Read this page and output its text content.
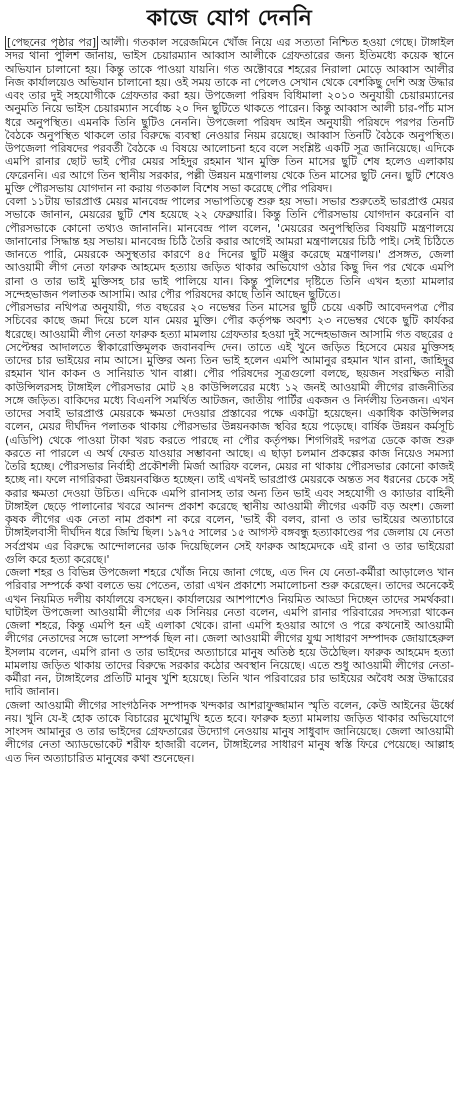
কাজে যোগ দেননি

[পেছনের পৃষ্ঠার পর] আলী। গতকাল সরেজমিনে খোঁজ নিয়ে এর সত্যতা নিশ্চিত হওয়া গেছে। টাঙ্গাইল সদর থানা পুলিশ জানায়, ভাইস চেয়ারম্যান আব্বাস আলীকে গ্রেফতারের জন্য ইতিমধ্যে কয়েক স্থানে অভিযান চালানো হয়। কিন্তু তাকে পাওয়া যায়নি। গত অক্টোবরে শহরের নিরালা মোড়ে আব্বাস আলীর নিজ কার্যালয়েও অভিযান চালানো হয়। ওই সময় তাকে না পেলেও সেখান থেকে বেশকিছু দেশি অস্ত্র উদ্ধার এবং তার দুই সহযোগীকে গ্রেফতার করা হয়। উপজেলা পরিষদ বিধিমালা ২০১০ অনুযায়ী চেয়ারম্যানের অনুমতি নিয়ে ভাইস চেয়ারম্যান সর্বোচ্চ ২০ দিন ছুটিতে থাকতে পারেন। কিন্তু আব্বাস আলী চার-পাঁচ মাস ধরে অনুপস্থিত। এমনকি তিনি ছুটিও নেননি। উপজেলা পরিষদ আইন অনুযায়ী পরিষদে পরপর তিনটি বৈঠকে অনুপস্থিত থাকলে তার বিরুদ্ধে ব্যবস্থা নেওয়ার নিয়ম রয়েছে। আব্বাস তিনটি বৈঠকে অনুপস্থিত। উপজেলা পরিষদের পরবর্তী বৈঠকে এ বিষয়ে আলোচনা হবে বলে সংশ্লিষ্ট একটি সূত্র জানিয়েছে। এদিকে এমপি রানার ছোট ভাই পৌর মেয়র সহিদুর রহমান খান মুক্তি তিন মাসের ছুটি শেষ হলেও এলাকায় ফেরেননি। এর আগে তিন স্থানীয় সরকার, পল্লী উন্নয়ন মন্ত্রণালয় থেকে তিন মাসের ছুটি নেন। ছুটি শেষেও মুক্তি পৌরসভায় যোগদান না করায় গতকাল বিশেষ সভা করেছে পৌর পরিষদ।

বেলা ১১টায় ভারপ্রাপ্ত মেয়র মানবেন্দ্র পালের সভাপতিত্বে শুরু হয় সভা। সভার শুরুতেই ভারপ্রাপ্ত মেয়র সভাকে জানান, মেয়রের ছুটি শেষ হয়েছে ২২ ফেব্রুয়ারি। কিন্তু তিনি পৌরসভায় যোগদান করেননি বা পৌরসভাকে কোনো তথ্যও জানাননি। মানবেন্দ্র পাল বলেন, 'মেয়রের অনুপস্থিতির বিষয়টি মন্ত্রণালয়ে জানানোর সিদ্ধান্ত হয় সভায়। মানবেন্দ্র চিঠি তৈরি করার আগেই আমরা মন্ত্রণালয়ের চিঠি পাই। সেই চিঠিতে জানতে পারি, মেয়রকে অসুস্থতার কারণে ৪৫ দিনের ছুটি মঞ্জুর করেছে মন্ত্রণালয়।' প্রসঙ্গত, জেলা আওয়ামী লীগ নেতা ফারুক আহমেদ হত্যায় জড়িত থাকার অভিযোগ ওঠার কিছু দিন পর থেকে এমপি রানা ও তার ভাই মুক্তিসহ চার ভাই পালিয়ে যান। কিন্তু পুলিশের দৃষ্টিতে তিনি এখন হত্যা মামলার সন্দেহভাজন পলাতক আসামি। আর পৌর পরিষদের কাছে তিনি আছেন ছুটিতে।

পৌরসভার নথিপত্র অনুযায়ী, গত বছরের ২০ নভেম্বর তিন মাসের ছুটি চেয়ে একটি আবেদনপত্র পৌর সচিবের কাছে জমা দিয়ে চলে যান মেয়র মুক্তি। পৌর কর্তৃপক্ষ অবশ্য ২৩ নভেম্বর থেকে ছুটি কার্যকর ধরেছে। আওয়ামী লীগ নেতা ফারুক হত্যা মামলায় গ্রেফতার হওয়া দুই সন্দেহভাজন আসামি গত বছরের ৫ সেপ্টেম্বর আদালতে স্বীকারোক্তিমূলক জবানবন্দি দেন। তাতে এই খুনে জড়িত হিসেবে মেয়র মুক্তিসহ তাদের চার ভাইয়ের নাম আসে। মুক্তির অন্য তিন ভাই হলেন এমপি আমানুর রহমান খান রানা, জাহিদুর রহমান খান কাকন ও সানিয়াত খান বাপ্পা। পৌর পরিষদের সূত্রগুলো বলছে, ছয়জন সংরক্ষিত নারী কাউন্সিলরসহ টাঙ্গাইল পৌরসভার মোট ২৪ কাউন্সিলরের মধ্যে ১২ জনই আওয়ামী লীগের রাজনীতির সঙ্গে জড়িত। বাকিদের মধ্যে বিএনপি সমর্থিত আটজন, জাতীয় পার্টির একজন ও নির্দলীয় তিনজন। এখন তাদের সবাই ভারপ্রাপ্ত মেয়রকে ক্ষমতা দেওয়ার প্রস্তাবের পক্ষে একাট্টা হয়েছেন। একাধিক কাউন্সিলর বলেন, মেয়র দীর্ঘদিন পলাতক থাকায় পৌরসভার উন্নয়নকাজ স্থবির হয়ে পড়েছে। বার্ষিক উন্নয়ন কর্মসূচি (এডিপি) থেকে পাওয়া টাকা খরচ করতে পারছে না পৌর কর্তৃপক্ষ। শিগগিরই দরপত্র ডেকে কাজ শুরু করতে না পারলে এ অর্থ ফেরত যাওয়ার সম্ভাবনা আছে। এ ছাড়া চলমান প্রকল্পের কাজ নিয়েও সমস্যা তৈরি হচ্ছে। পৌরসভার নির্বাহী প্রকৌশলী মির্জা আরিফ বলেন, মেয়র না থাকায় পৌরসভার কোনো কাজই হচ্ছে না। ফলে নাগরিকরা উন্নয়নবঞ্চিত হচ্ছেন। তাই এখনই ভারপ্রাপ্ত মেয়রকে অন্তত সব ধরনের চেকে সই করার ক্ষমতা দেওয়া উচিত। এদিকে এমপি রানাসহ তার অন্য তিন ভাই এবং সহযোগী ও ক্যাডার বাহিনী টাঙ্গাইল ছেড়ে পালানোর খবরে আনন্দ প্রকাশ করেছে স্থানীয় আওয়ামী লীগের একটি বড় অংশ। জেলা কৃষক লীগের এক নেতা নাম প্রকাশ না করে বলেন, 'ভাই কী বলব, রানা ও তার ভাইয়ের অত্যাচারে টাঙ্গাইলবাসী দীর্ঘদিন ধরে জিম্মি ছিল। ১৯৭৫ সালের ১৫ আগস্ট বঙ্গবন্ধু হত্যাকাণ্ডের পর জেলায় যে নেতা সর্বপ্রথম এর বিরুদ্ধে আন্দোলনের ডাক দিয়েছিলেন সেই ফারুক আহমেদকে এই রানা ও তার ভাইয়েরা গুলি করে হত্যা করেছে।'

জেলা শহর ও বিভিন্ন উপজেলা শহরে খোঁজ নিয়ে জানা গেছে, এত দিন যে নেতা-কর্মীরা আড়ালেও খান পরিবার সম্পর্কে কথা বলতে ভয় পেতেন, তারা এখন প্রকাশ্যে সমালোচনা শুরু করেছেন। তাদের অনেকেই এখন নিয়মিত দলীয় কার্যালয়ে বসছেন। কার্যালয়ের আশপাশেও নিয়মিত আড্ডা দিচ্ছেন তাদের সমর্থকরা। ঘাটাইল উপজেলা আওয়ামী লীগের এক সিনিয়র নেতা বলেন, এমপি রানার পরিবারের সদস্যরা থাকেন জেলা শহরে, কিন্তু এমপি হন এই এলাকা থেকে। রানা এমপি হওয়ার আগে ও পরে কখনোই আওয়ামী লীগের নেতাদের সঙ্গে ভালো সম্পর্ক ছিল না। জেলা আওয়ামী লীগের যুগ্ম সাধারণ সম্পাদক জোয়াহেরুল ইসলাম বলেন, এমপি রানা ও তার ভাইদের অত্যাচারে মানুষ অতিষ্ঠ হয়ে উঠেছিল। ফারুক আহমেদ হত্যা মামলায় জড়িত থাকায় তাদের বিরুদ্ধে সরকার কঠোর অবস্থান নিয়েছে। এতে শুধু আওয়ামী লীগের নেতা-কর্মীরা নন, টাঙ্গাইলের প্রতিটি মানুষ খুশি হয়েছে। তিনি খান পরিবারের চার ভাইয়ের অবৈধ অস্ত্র উদ্ধারের দাবি জানান।

জেলা আওয়ামী লীগের সাংগঠনিক সম্পাদক খন্দকার আশরাফুজ্জামান স্মৃতি বলেন, কেউ আইনের ঊর্ধ্বে নয়। খুনি যে-ই হোক তাকে বিচারের মুখোমুখি হতে হবে। ফারুক হত্যা মামলায় জড়িত থাকার অভিযোগে সাংসদ আমানুর ও তার ভাইদের গ্রেফতারের উদ্যোগ নেওয়ায় মানুষ সাধুবাদ জানিয়েছে। জেলা আওয়ামী লীগের নেতা অ্যাডভোকেট শরীফ হাজারী বলেন, টাঙ্গাইলের সাধারণ মানুষ স্বস্তি ফিরে পেয়েছে। আল্লাহ এত দিন অত্যাচারিত মানুষের কথা শুনেছেন।
